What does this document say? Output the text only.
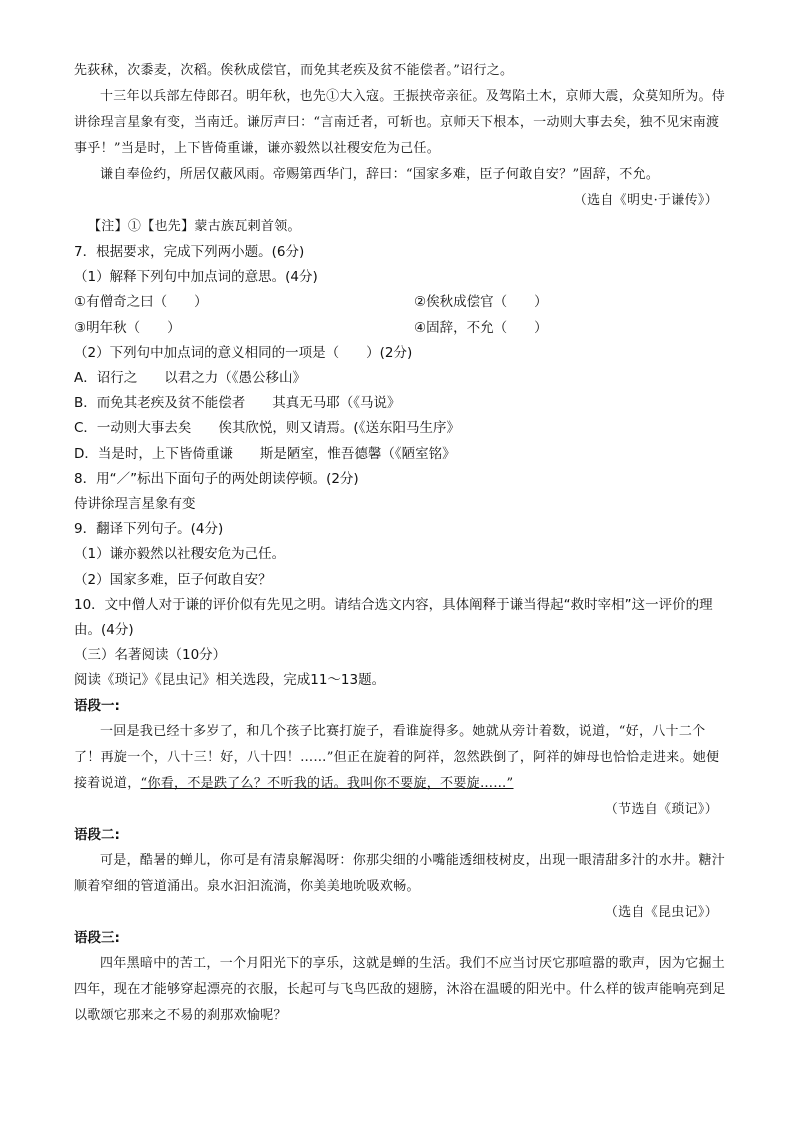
先荻秫，次黍麦，次稻。俟秋成偿官，而免其老疾及贫不能偿者。”诏行之。

十三年以兵部左侍郎召。明年秋，也先①大入寇。王振挟帝亲征。及驾陷土木，京师大震，众莫知所为。侍讲徐珵言星象有变，当南迁。谦厉声曰：“言南迁者，可斩也。京师天下根本，一动则大事去矣，独不见宋南渡事乎！”当是时，上下皆倚重谦，谦亦毅然以社稷安危为己任。

谦自奉俭约，所居仅蔽风雨。帝赐第西华门，辞曰：“国家多难，臣子何敢自安？”固辞，不允。

（选自《明史·于谦传》）

【注】①【也先】蒙古族瓦剌首领。

7．根据要求，完成下列两小题。(6分)

（1）解释下列句中加点词的意思。(4分)

①有僧奇之曰（　　）	②俟秋成偿官（　　）
③明年秋（　　）	④固辞，不允（　　）

（2）下列句中加点词的意义相同的一项是（　　）(2分)

A．诏行之　　以君之力（《愚公移山》

B．而免其老疾及贫不能偿者　　其真无马耶（《马说》

C．一动则大事去矣　　俟其欣悦，则又请焉。(《送东阳马生序》

D．当是时，上下皆倚重谦　　斯是陋室，惟吾德馨（《陋室铭》

8．用“／”标出下面句子的两处朗读停顿。(2分)

侍讲徐珵言星象有变

9．翻译下列句子。(4分)

（1）谦亦毅然以社稷安危为己任。

（2）国家多难，臣子何敢自安？

10．文中僧人对于谦的评价似有先见之明。请结合选文内容，具体阐释于谦当得起“救时宰相”这一评价的理由。(4分)

（三）名著阅读（10分）

阅读《琐记》《昆虫记》相关选段，完成11～13题。

语段一:

一回是我已经十多岁了，和几个孩子比赛打旋子，看谁旋得多。她就从旁计着数，说道，“好，八十二个了！再旋一个，八十三！好，八十四！……”但正在旋着的阿祥，忽然跌倒了，阿祥的婶母也恰恰走进来。她便接着说道，“你看，不是跌了么？不听我的话。我叫你不要旋，不要旋……”

（节选自《琐记》）

语段二:

可是，酷暑的蝉儿，你可是有清泉解渴呀：你那尖细的小嘴能透细枝树皮，出现一眼清甜多汁的水井。糖汁顺着窄细的管道涌出。泉水汩汩流淌，你美美地吮吸欢畅。

（选自《昆虫记》）

语段三:

四年黑暗中的苦工，一个月阳光下的享乐，这就是蝉的生活。我们不应当讨厌它那喧嚣的歌声，因为它掘土四年，现在才能够穿起漂亮的衣服，长起可与飞鸟匹敌的翅膀，沐浴在温暖的阳光中。什么样的钹声能响亮到足以歌颂它那来之不易的刹那欢愉呢？
